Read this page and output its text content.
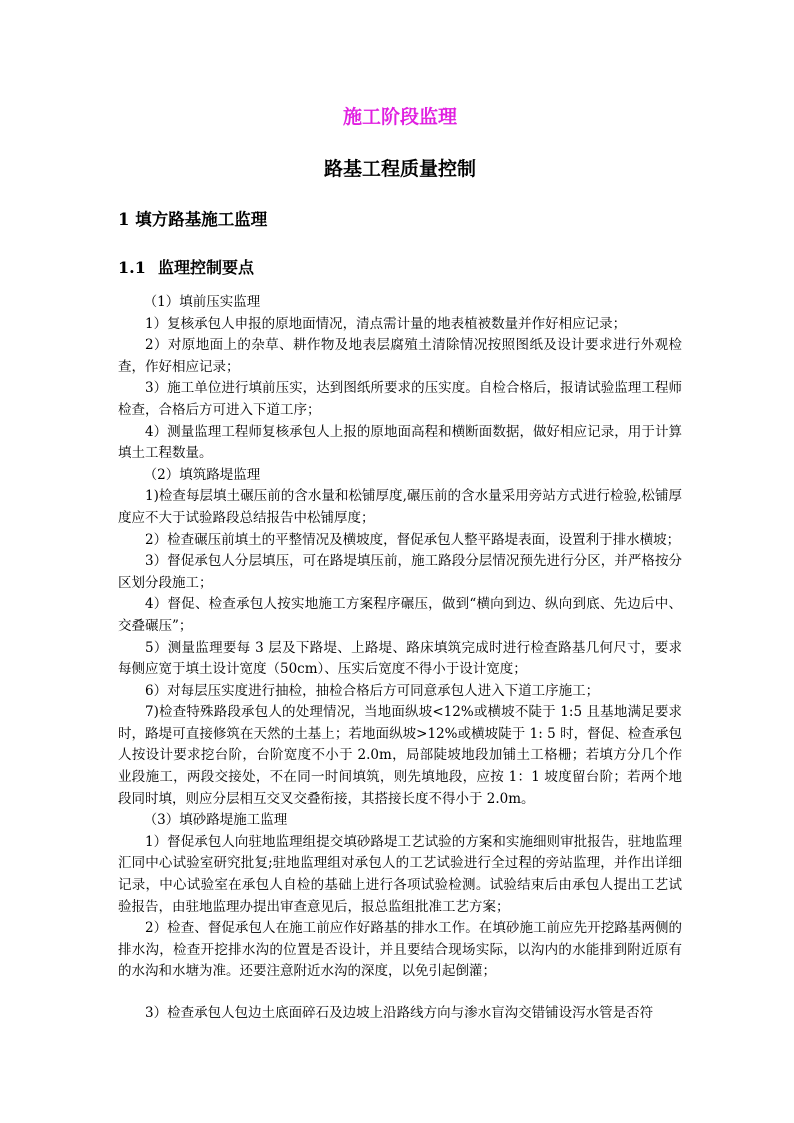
施工阶段监理
路基工程质量控制
1 填方路基施工监理
1.1 监理控制要点

（1）填前压实监理

1）复核承包人申报的原地面情况，清点需计量的地表植被数量并作好相应记录；

2）对原地面上的杂草、耕作物及地表层腐殖土清除情况按照图纸及设计要求进行外观检查，作好相应记录；

3）施工单位进行填前压实，达到图纸所要求的压实度。自检合格后，报请试验监理工程师检查，合格后方可进入下道工序；

4）测量监理工程师复核承包人上报的原地面高程和横断面数据，做好相应记录，用于计算填土工程数量。

（2）填筑路堤监理

1)检查每层填土碾压前的含水量和松铺厚度,碾压前的含水量采用旁站方式进行检验,松铺厚度应不大于试验路段总结报告中松铺厚度；

2）检查碾压前填土的平整情况及横坡度，督促承包人整平路堤表面，设置利于排水横坡；

3）督促承包人分层填压，可在路堤填压前，施工路段分层情况预先进行分区，并严格按分区划分段施工；

4）督促、检查承包人按实地施工方案程序碾压，做到“横向到边、纵向到底、先边后中、交叠碾压”；

5）测量监理要每 3 层及下路堤、上路堤、路床填筑完成时进行检查路基几何尺寸，要求每侧应宽于填土设计宽度（50cm）、压实后宽度不得小于设计宽度；

6）对每层压实度进行抽检，抽检合格后方可同意承包人进入下道工序施工；

7)检查特殊路段承包人的处理情况，当地面纵坡<12%或横坡不陡于 1:5 且基地满足要求时，路堤可直接修筑在天然的土基上；若地面纵坡>12%或横坡陡于 1: 5 时，督促、检查承包人按设计要求挖台阶，台阶宽度不小于 2.0m，局部陡坡地段加铺土工格栅；若填方分几个作业段施工，两段交接处，不在同一时间填筑，则先填地段，应按 1：1 坡度留台阶；若两个地段同时填，则应分层相互交叉交叠衔接，其搭接长度不得小于 2.0m。

（3）填砂路堤施工监理

1）督促承包人向驻地监理组提交填砂路堤工艺试验的方案和实施细则审批报告，驻地监理汇同中心试验室研究批复;驻地监理组对承包人的工艺试验进行全过程的旁站监理，并作出详细记录，中心试验室在承包人自检的基础上进行各项试验检测。试验结束后由承包人提出工艺试验报告，由驻地监理办提出审查意见后，报总监组批准工艺方案；

2）检查、督促承包人在施工前应作好路基的排水工作。在填砂施工前应先开挖路基两侧的排水沟，检查开挖排水沟的位置是否设计，并且要结合现场实际，以沟内的水能排到附近原有的水沟和水塘为准。还要注意附近水沟的深度，以免引起倒灌；

3）检查承包人包边土底面碎石及边坡上沿路线方向与渗水盲沟交错铺设泻水管是否符
